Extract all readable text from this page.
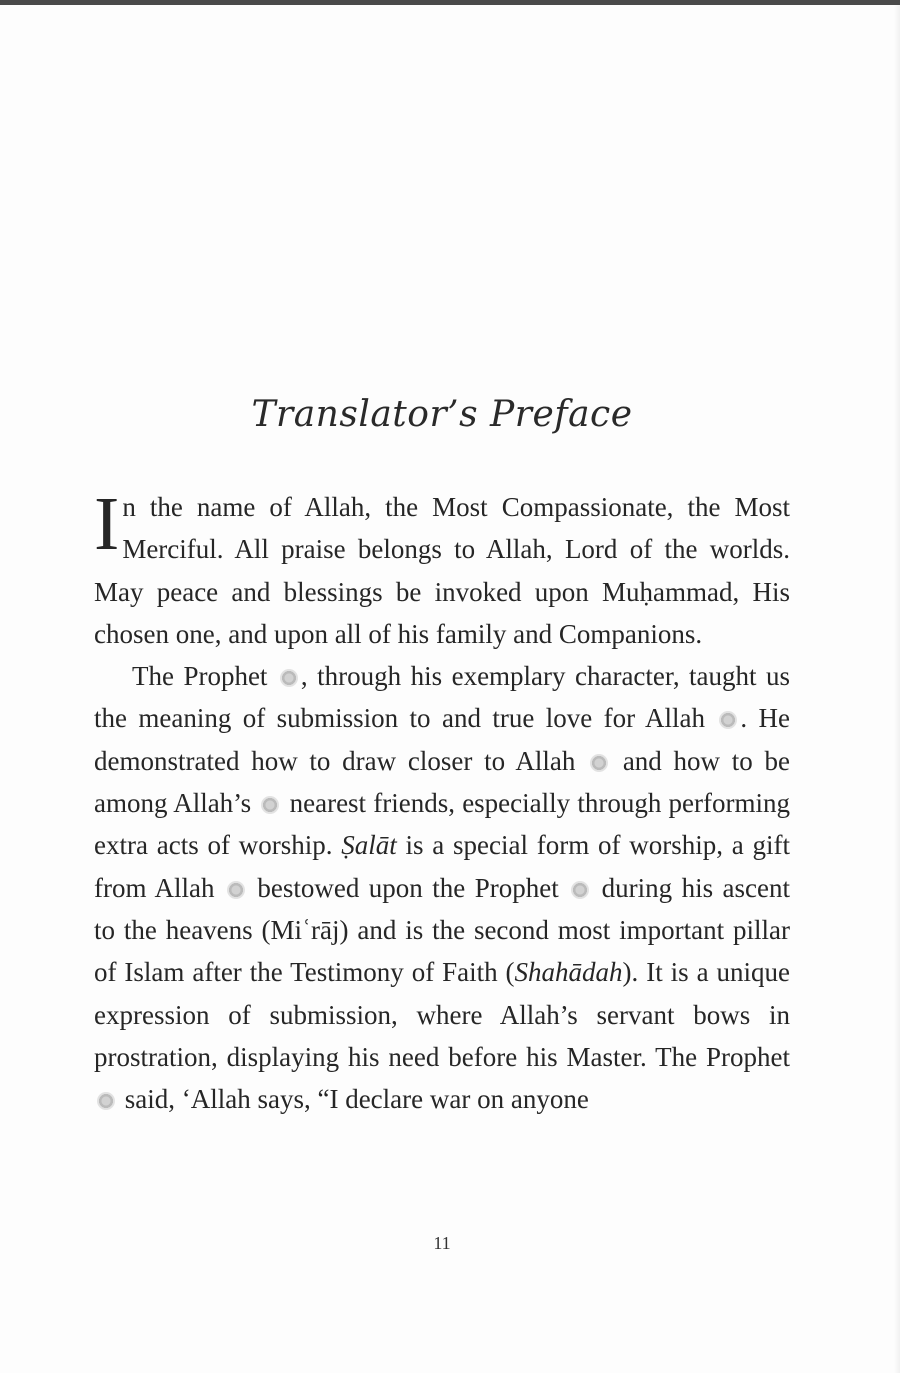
Translator’s Preface

In the name of Allah, the Most Compassionate, the Most Merciful. All praise belongs to Allah, Lord of the worlds. May peace and blessings be invoked upon Muḥammad, His chosen one, and upon all of his family and Companions.

The Prophet , through his exemplary character, taught us the meaning of submission to and true love for Allah . He demonstrated how to draw closer to Allah  and how to be among Allah’s  nearest friends, especially through performing extra acts of worship. Ṣalāt is a special form of worship, a gift from Allah  bestowed upon the Prophet  during his ascent to the heavens (Miʿrāj) and is the second most important pillar of Islam after the Testimony of Faith (Shahādah). It is a unique expression of submission, where Allah’s servant bows in prostration, displaying his need before his Master. The Prophet  said, ‘Allah says, “I declare war on anyone

11
